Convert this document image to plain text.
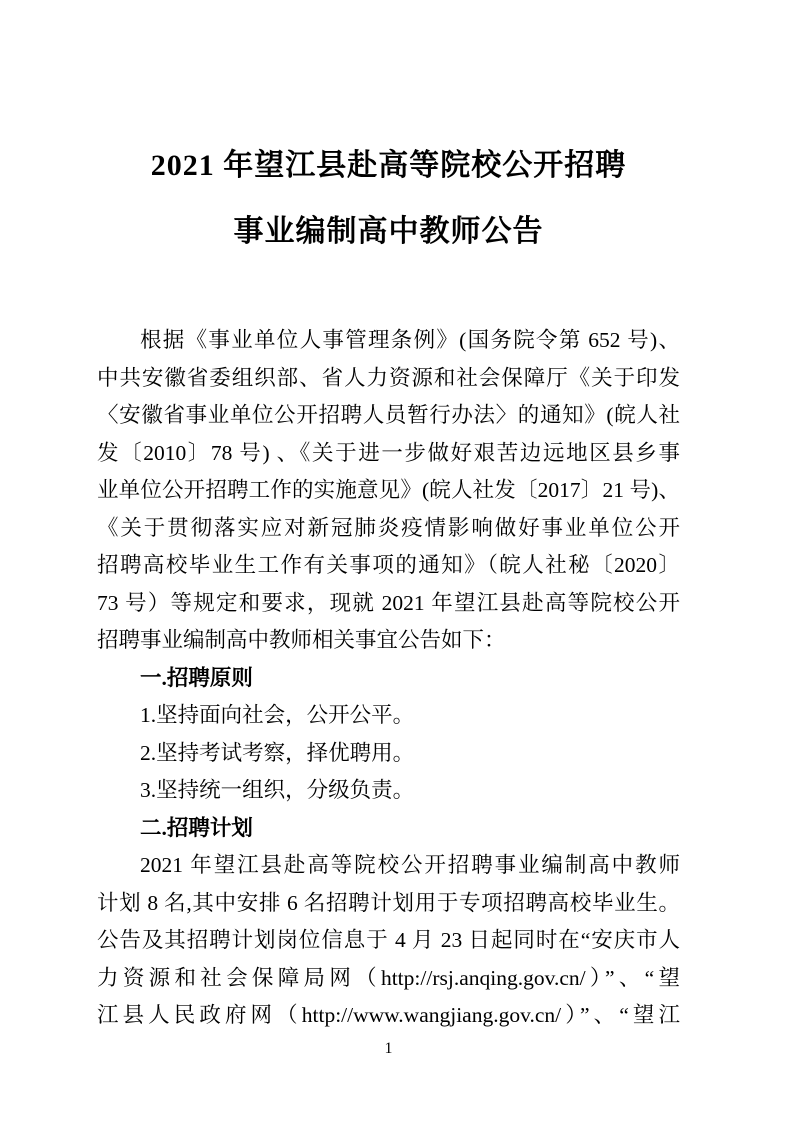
2021 年望江县赴高等院校公开招聘
事业编制高中教师公告
根据《事业单位人事管理条例》(国务院令第 652 号)、
中共安徽省委组织部、省人力资源和社会保障厅《关于印发
〈安徽省事业单位公开招聘人员暂行办法〉的通知》(皖人社
发〔2010〕78 号) 、《关于进一步做好艰苦边远地区县乡事
业单位公开招聘工作的实施意见》(皖人社发〔2017〕21 号)、
《关于贯彻落实应对新冠肺炎疫情影响做好事业单位公开
招聘高校毕业生工作有关事项的通知》（皖人社秘〔2020〕
73 号）等规定和要求，现就 2021 年望江县赴高等院校公开
招聘事业编制高中教师相关事宜公告如下：
一.招聘原则
1.坚持面向社会，公开公平。
2.坚持考试考察，择优聘用。
3.坚持统一组织，分级负责。
二.招聘计划
2021 年望江县赴高等院校公开招聘事业编制高中教师
计划 8 名,其中安排 6 名招聘计划用于专项招聘高校毕业生。
公告及其招聘计划岗位信息于 4 月 23 日起同时在“安庆市人
力资源和社会保障局网（http://rsj.anqing.gov.cn/）”、“望
江县人民政府网（http://www.wangjiang.gov.cn/）”、“望江
1
